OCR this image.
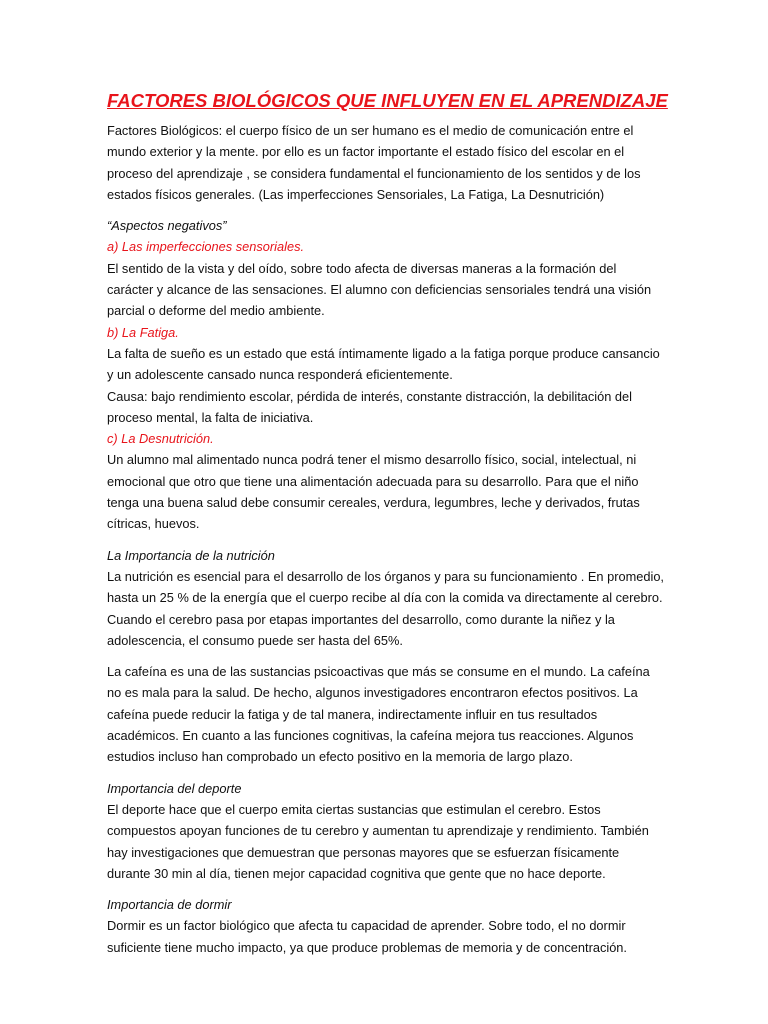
FACTORES BIOLÓGICOS QUE INFLUYEN EN EL APRENDIZAJE

Factores Biológicos: el cuerpo físico de un ser humano es el medio de comunicación entre el mundo exterior y la mente. por ello es un factor importante el estado físico del escolar en el proceso del aprendizaje , se considera fundamental el funcionamiento de los sentidos y de los estados físicos generales. (Las imperfecciones Sensoriales, La Fatiga, La Desnutrición)

“Aspectos negativos”
a) Las imperfecciones sensoriales.

El sentido de la vista y del oído, sobre todo afecta de diversas maneras a la formación del carácter y alcance de las sensaciones. El alumno con deficiencias sensoriales tendrá una visión parcial o deforme del medio ambiente.

b) La Fatiga.

La falta de sueño es un estado que está íntimamente ligado a la fatiga porque produce cansancio y un adolescente cansado nunca responderá eficientemente.

Causa: bajo rendimiento escolar, pérdida de interés, constante distracción, la debilitación del proceso mental, la falta de iniciativa.

c) La Desnutrición.

Un alumno mal alimentado nunca podrá tener el mismo desarrollo físico, social, intelectual, ni emocional que otro que tiene una alimentación adecuada para su desarrollo. Para que el niño tenga una buena salud debe consumir cereales, verdura, legumbres, leche y derivados, frutas cítricas, huevos.

La Importancia de la nutrición

La nutrición es esencial para el desarrollo de los órganos y para su funcionamiento . En promedio, hasta un 25 % de la energía que el cuerpo recibe al día con la comida va directamente al cerebro. Cuando el cerebro pasa por etapas importantes del desarrollo, como durante la niñez y la adolescencia, el consumo puede ser hasta del 65%.

La cafeína es una de las sustancias psicoactivas que más se consume en el mundo. La cafeína no es mala para la salud. De hecho, algunos investigadores encontraron efectos positivos. La cafeína puede reducir la fatiga y de tal manera, indirectamente influir en tus resultados académicos. En cuanto a las funciones cognitivas, la cafeína mejora tus reacciones. Algunos estudios incluso han comprobado un efecto positivo en la memoria de largo plazo.

Importancia del deporte

El deporte hace que el cuerpo emita ciertas sustancias que estimulan el cerebro. Estos compuestos apoyan funciones de tu cerebro y aumentan tu aprendizaje y rendimiento. También hay investigaciones que demuestran que personas mayores que se esfuerzan físicamente durante 30 min al día, tienen mejor capacidad cognitiva que gente que no hace deporte.

Importancia de dormir

Dormir es un factor biológico que afecta tu capacidad de aprender. Sobre todo, el no dormir suficiente tiene mucho impacto, ya que produce problemas de memoria y de concentración.
